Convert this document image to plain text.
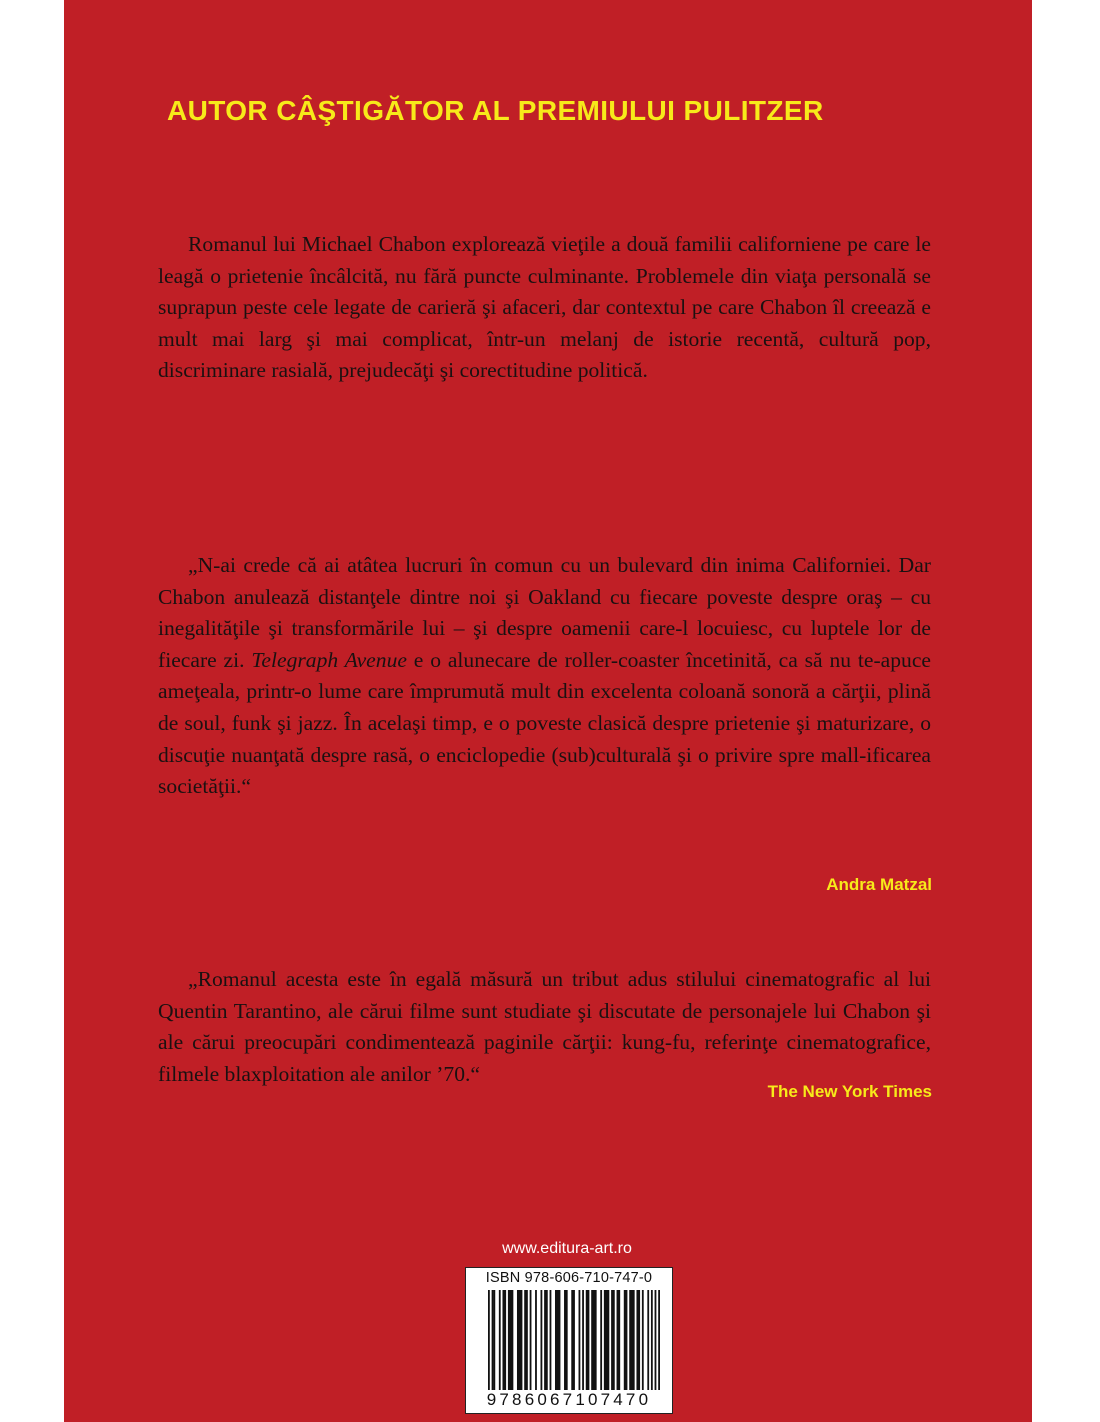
AUTOR CÂŞTIGĂTOR AL PREMIULUI PULITZER

Romanul lui Michael Chabon explorează vieţile a două familii californiene pe care le leagă o prietenie încâlcită, nu fără puncte culminante. Problemele din viaţa personală se suprapun peste cele legate de carieră şi afaceri, dar contextul pe care Chabon îl creează e mult mai larg şi mai complicat, într-un melanj de istorie recentă, cultură pop, discriminare rasială, prejudecăţi şi corectitudine politică.

„N-ai crede că ai atâtea lucruri în comun cu un bulevard din inima Californiei. Dar Chabon anulează distanţele dintre noi şi Oakland cu fiecare poveste despre oraş – cu inegalităţile şi transformările lui – şi despre oamenii care-l locuiesc, cu luptele lor de fiecare zi. Telegraph Avenue e o alunecare de roller-coaster încetinită, ca să nu te-apuce ameţeala, printr-o lume care împrumută mult din excelenta coloană sonoră a cărţii, plină de soul, funk şi jazz. În acelaşi timp, e o poveste clasică despre prietenie şi maturizare, o discuţie nuanţată despre rasă, o enciclopedie (sub)culturală şi o privire spre mall-ificarea societăţii.“

Andra Matzal

„Romanul acesta este în egală măsură un tribut adus stilului cinematografic al lui Quentin Tarantino, ale cărui filme sunt studiate şi discutate de personajele lui Chabon şi ale cărui preocupări condimentează paginile cărţii: kung-fu, referinţe cinematografice, filmele blaxploitation ale anilor ’70.“

The New York Times

www.editura-art.ro

ISBN 978-606-710-747-0

9786067107470
